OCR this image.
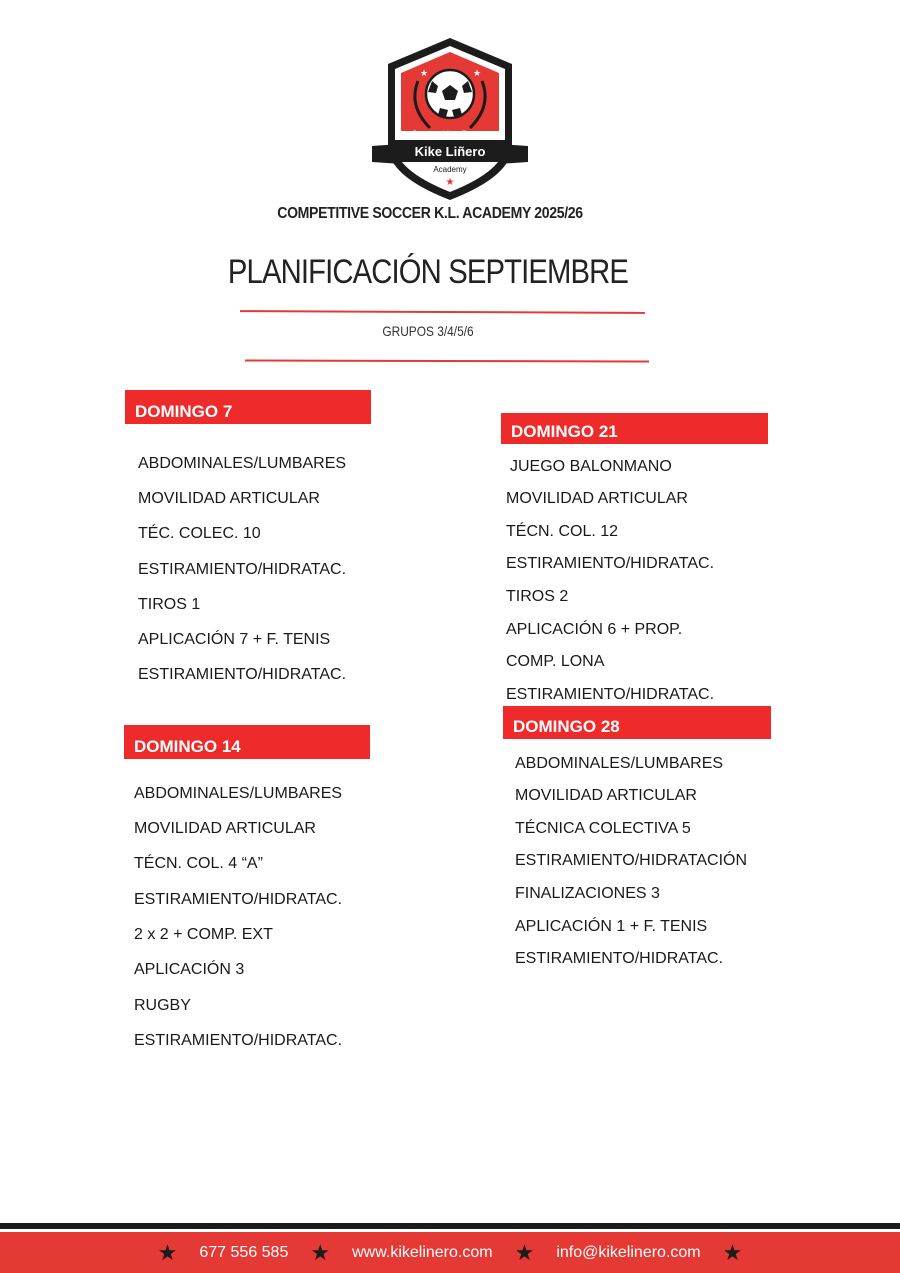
★	★
Competitive Soccer
Kike Liñero
Academy
★
COMPETITIVE SOCCER K.L. ACADEMY 2025/26
PLANIFICACIÓN SEPTIEMBRE
GRUPOS 3/4/5/6
DOMINGO 7
ABDOMINALES/LUMBARES
MOVILIDAD ARTICULAR
TÉC. COLEC. 10
ESTIRAMIENTO/HIDRATAC.
TIROS 1
APLICACIÓN 7 + F. TENIS
ESTIRAMIENTO/HIDRATAC.
DOMINGO 14
ABDOMINALES/LUMBARES
MOVILIDAD ARTICULAR
TÉCN. COL. 4 “A”
ESTIRAMIENTO/HIDRATAC.
2 x 2 + COMP. EXT
APLICACIÓN 3
RUGBY
ESTIRAMIENTO/HIDRATAC.
DOMINGO 21
JUEGO BALONMANO
MOVILIDAD ARTICULAR
TÉCN. COL. 12
ESTIRAMIENTO/HIDRATAC.
TIROS 2
APLICACIÓN 6 + PROP.
COMP. LONA
ESTIRAMIENTO/HIDRATAC.
DOMINGO 28
ABDOMINALES/LUMBARES
MOVILIDAD ARTICULAR
TÉCNICA COLECTIVA 5
ESTIRAMIENTO/HIDRATACIÓN
FINALIZACIONES 3
APLICACIÓN 1 + F. TENIS
ESTIRAMIENTO/HIDRATAC.
★ 677 556 585 ★ www.kikelinero.com ★ info@kikelinero.com ★
